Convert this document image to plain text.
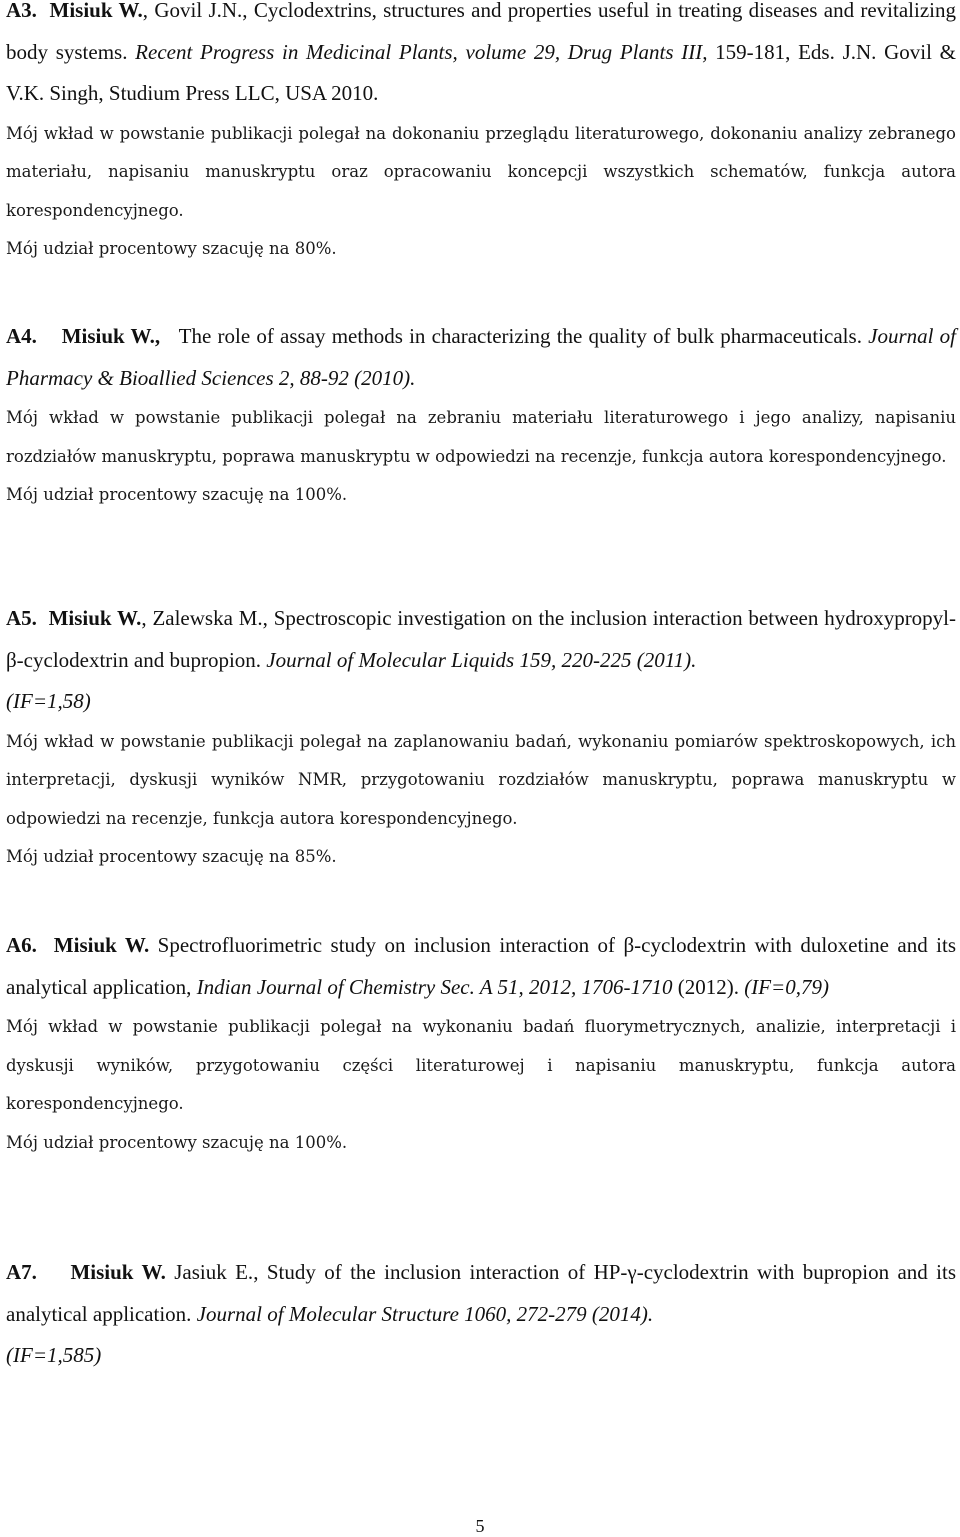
A3. Misiuk W., Govil J.N., Cyclodextrins, structures and properties useful in treating diseases and revitalizing body systems. Recent Progress in Medicinal Plants, volume 29, Drug Plants III, 159-181, Eds. J.N. Govil & V.K. Singh, Studium Press LLC, USA 2010.
Mój wkład w powstanie publikacji polegał na dokonaniu przeglądu literaturowego, dokonaniu analizy zebranego materiału, napisaniu manuskryptu oraz opracowaniu koncepcji wszystkich schematów, funkcja autora korespondencyjnego.
Mój udział procentowy szacuję na 80%.
A4. Misiuk W., The role of assay methods in characterizing the quality of bulk pharmaceuticals. Journal of Pharmacy & Bioallied Sciences 2, 88-92 (2010).
Mój wkład w powstanie publikacji polegał na zebraniu materiału literaturowego i jego analizy, napisaniu rozdziałów manuskryptu, poprawa manuskryptu w odpowiedzi na recenzje, funkcja autora korespondencyjnego.
Mój udział procentowy szacuję na 100%.
A5. Misiuk W., Zalewska M., Spectroscopic investigation on the inclusion interaction between hydroxypropyl-β-cyclodextrin and bupropion. Journal of Molecular Liquids 159, 220-225 (2011).
(IF=1,58)
Mój wkład w powstanie publikacji polegał na zaplanowaniu badań, wykonaniu pomiarów spektroskopowych, ich interpretacji, dyskusji wyników NMR, przygotowaniu rozdziałów manuskryptu, poprawa manuskryptu w odpowiedzi na recenzje, funkcja autora korespondencyjnego.
Mój udział procentowy szacuję na 85%.
A6. Misiuk W. Spectrofluorimetric study on inclusion interaction of β-cyclodextrin with duloxetine and its analytical application, Indian Journal of Chemistry Sec. A 51, 2012, 1706-1710 (2012). (IF=0,79)
Mój wkład w powstanie publikacji polegał na wykonaniu badań fluorymetrycznych, analizie, interpretacji i dyskusji wyników, przygotowaniu części literaturowej i napisaniu manuskryptu, funkcja autora korespondencyjnego.
Mój udział procentowy szacuję na 100%.
A7. Misiuk W. Jasiuk E., Study of the inclusion interaction of HP-γ-cyclodextrin with bupropion and its analytical application. Journal of Molecular Structure 1060, 272-279 (2014).
(IF=1,585)
5
